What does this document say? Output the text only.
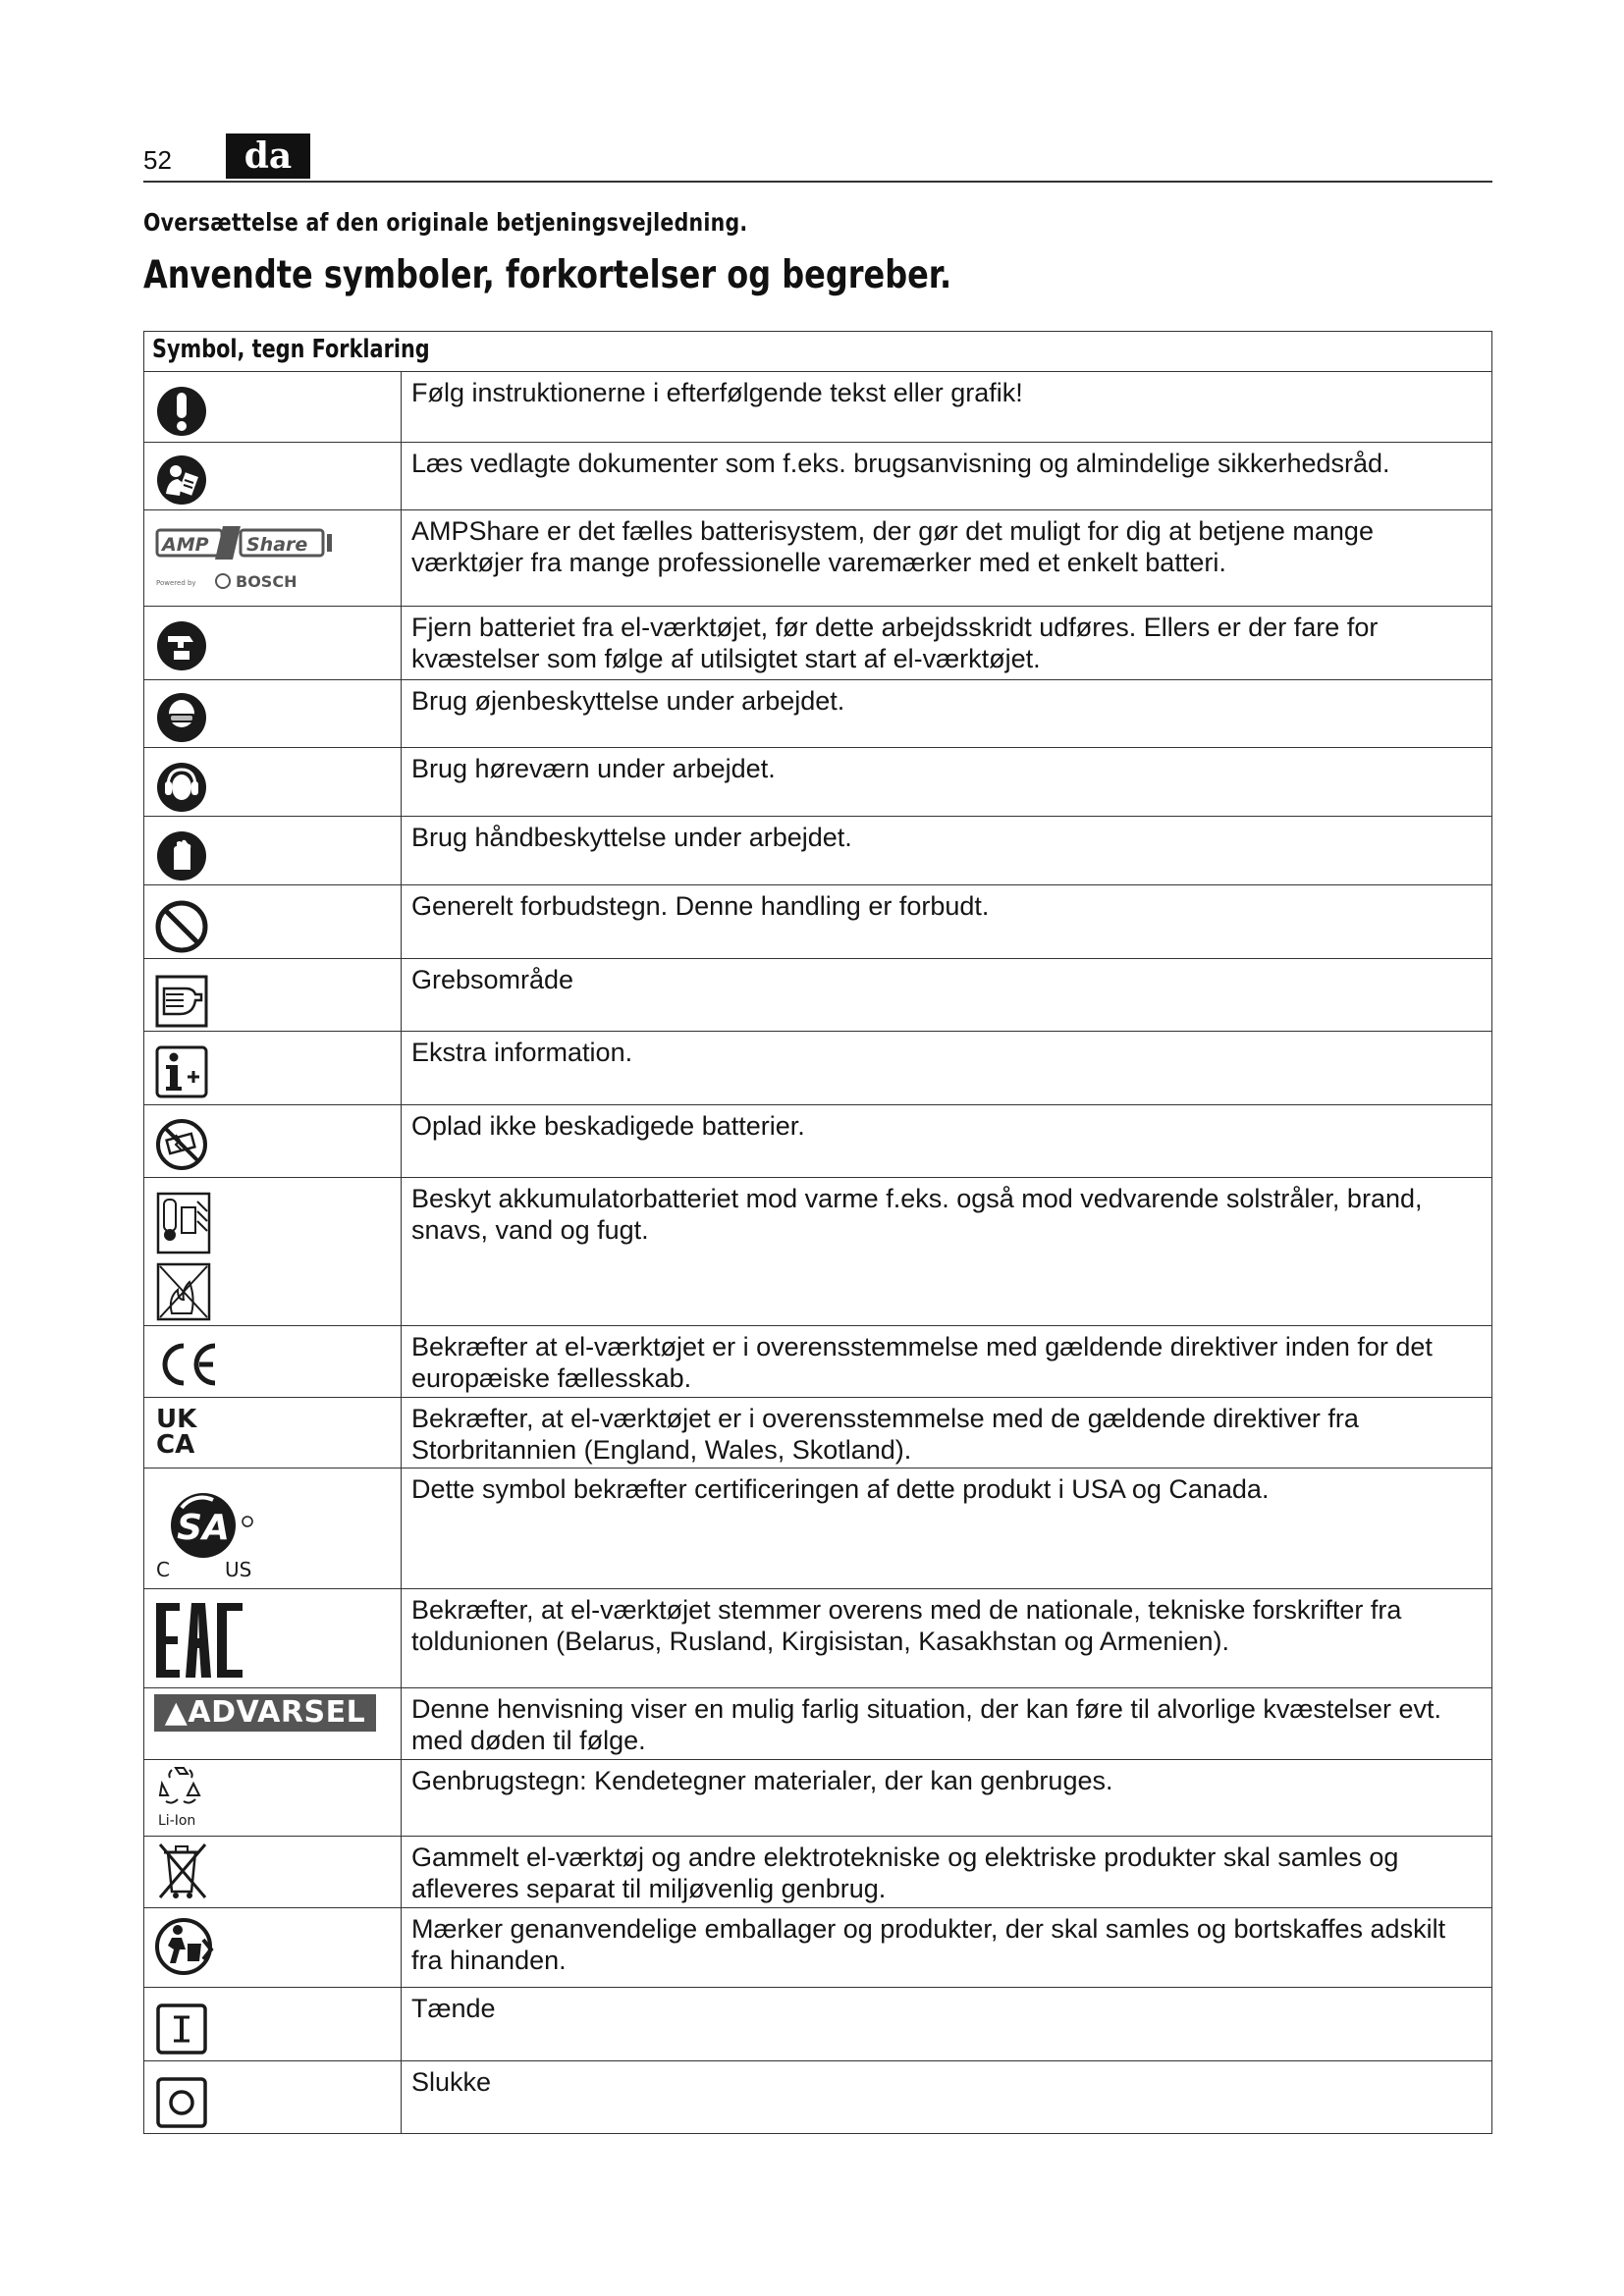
52	da
Oversættelse af den originale betjeningsvejledning.
Anvendte symboler, forkortelser og begreber.
Symbol, tegn Forklaring	

Følg instruktionerne i efterfølgende tekst eller grafik!

Læs vedlagte dokumenter som f.eks. brugsanvisning og almindelige sikkerhedsråd.

AMP Share
Powered by BOSCH	AMPShare er det fælles batterisystem, der gør det muligt for dig at betjene mange værktøjer fra mange professionelle varemærker med et enkelt batteri.

Fjern batteriet fra el-værktøjet, før dette arbejdsskridt udføres. Ellers er der fare for kvæstelser som følge af utilsigtet start af el-værktøjet.

Brug øjenbeskyttelse under arbejdet.

Brug høreværn under arbejdet.

Brug håndbeskyttelse under arbejdet.

Generelt forbudstegn. Denne handling er forbudt.

Grebsområde

Ekstra information.

Oplad ikke beskadigede batterier.

Beskyt akkumulatorbatteriet mod varme f.eks. også mod vedvarende solstråler, brand, snavs, vand og fugt.

Bekræfter at el-værktøjet er i overensstemmelse med gældende direktiver inden for det europæiske fællesskab.

UK
CA	Bekræfter, at el-værktøjet er i overensstemmelse med de gældende direktiver fra Storbritannien (England, Wales, Skotland).

SA
C US	Dette symbol bekræfter certificeringen af dette produkt i USA og Canada.

Bekræfter, at el-værktøjet stemmer overens med de nationale, tekniske forskrifter fra toldunionen (Belarus, Rusland, Kirgisistan, Kasakhstan og Armenien).

▲ADVARSEL	Denne henvisning viser en mulig farlig situation, der kan føre til alvorlige kvæstelser evt. med døden til følge.

Li-Ion	Genbrugstegn: Kendetegner materialer, der kan genbruges.

Gammelt el-værktøj og andre elektrotekniske og elektriske produkter skal samles og afleveres separat til miljøvenlig genbrug.

Mærker genanvendelige emballager og produkter, der skal samles og bortskaffes adskilt fra hinanden.

Tænde

Slukke
